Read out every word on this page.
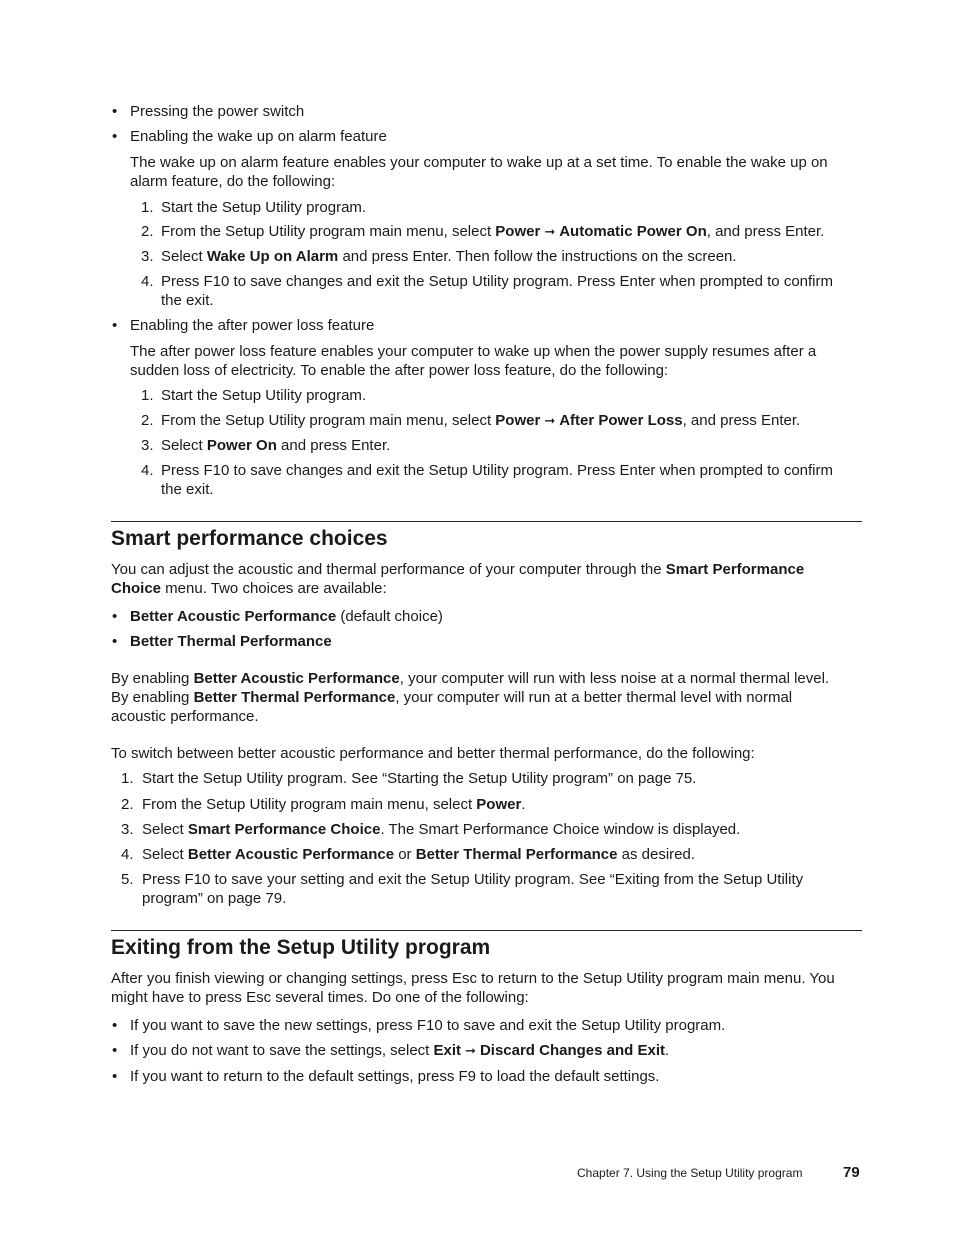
• Pressing the power switch
• Enabling the wake up on alarm feature
The wake up on alarm feature enables your computer to wake up at a set time. To enable the wake up on alarm feature, do the following:
1. Start the Setup Utility program.
2. From the Setup Utility program main menu, select Power ➞ Automatic Power On, and press Enter.
3. Select Wake Up on Alarm and press Enter. Then follow the instructions on the screen.
4. Press F10 to save changes and exit the Setup Utility program. Press Enter when prompted to confirm the exit.
• Enabling the after power loss feature
The after power loss feature enables your computer to wake up when the power supply resumes after a sudden loss of electricity. To enable the after power loss feature, do the following:
1. Start the Setup Utility program.
2. From the Setup Utility program main menu, select Power ➞ After Power Loss, and press Enter.
3. Select Power On and press Enter.
4. Press F10 to save changes and exit the Setup Utility program. Press Enter when prompted to confirm the exit.
Smart performance choices
You can adjust the acoustic and thermal performance of your computer through the Smart Performance Choice menu. Two choices are available:
• Better Acoustic Performance (default choice)
• Better Thermal Performance
By enabling Better Acoustic Performance, your computer will run with less noise at a normal thermal level. By enabling Better Thermal Performance, your computer will run at a better thermal level with normal acoustic performance.
To switch between better acoustic performance and better thermal performance, do the following:
1. Start the Setup Utility program. See “Starting the Setup Utility program” on page 75.
2. From the Setup Utility program main menu, select Power.
3. Select Smart Performance Choice. The Smart Performance Choice window is displayed.
4. Select Better Acoustic Performance or Better Thermal Performance as desired.
5. Press F10 to save your setting and exit the Setup Utility program. See “Exiting from the Setup Utility program” on page 79.
Exiting from the Setup Utility program
After you finish viewing or changing settings, press Esc to return to the Setup Utility program main menu. You might have to press Esc several times. Do one of the following:
• If you want to save the new settings, press F10 to save and exit the Setup Utility program.
• If you do not want to save the settings, select Exit ➞ Discard Changes and Exit.
• If you want to return to the default settings, press F9 to load the default settings.
Chapter 7. Using the Setup Utility program	79
